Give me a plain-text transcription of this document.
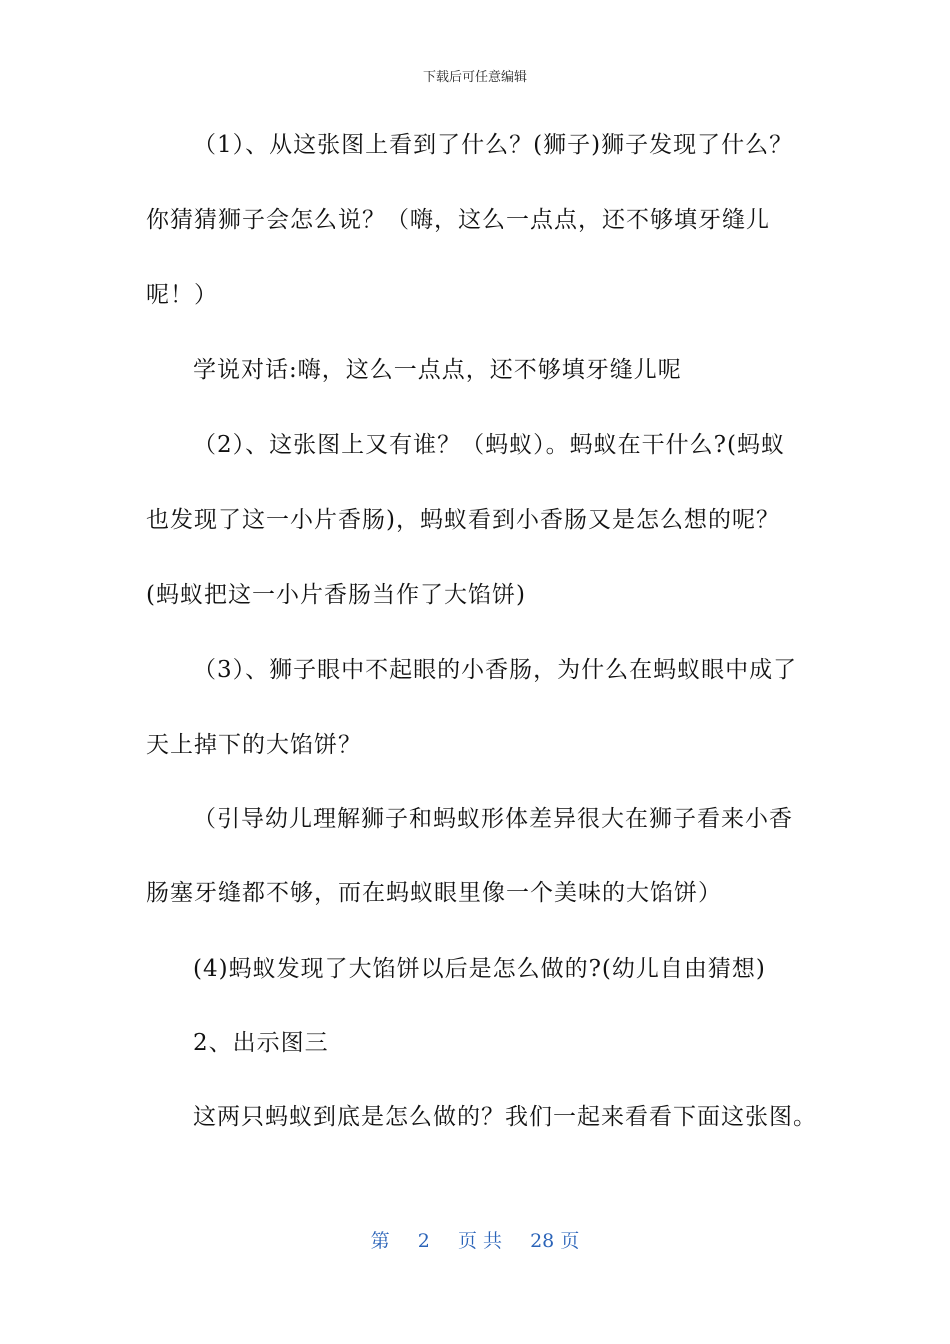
下载后可任意编辑
（1）、从这张图上看到了什么？(狮子)狮子发现了什么？
你猜猜狮子会怎么说？（嗨，这么一点点，还不够填牙缝儿
呢！）
学说对话:嗨，这么一点点，还不够填牙缝儿呢
（2）、这张图上又有谁？（蚂蚁）。蚂蚁在干什么?(蚂蚁
也发现了这一小片香肠)，蚂蚁看到小香肠又是怎么想的呢？
(蚂蚁把这一小片香肠当作了大馅饼)
（3）、狮子眼中不起眼的小香肠，为什么在蚂蚁眼中成了
天上掉下的大馅饼？
（引导幼儿理解狮子和蚂蚁形体差异很大在狮子看来小香
肠塞牙缝都不够，而在蚂蚁眼里像一个美味的大馅饼）
(4)蚂蚁发现了大馅饼以后是怎么做的?(幼儿自由猜想)
2、出示图三
这两只蚂蚁到底是怎么做的？我们一起来看看下面这张图。
第 2 页 共 28 页
